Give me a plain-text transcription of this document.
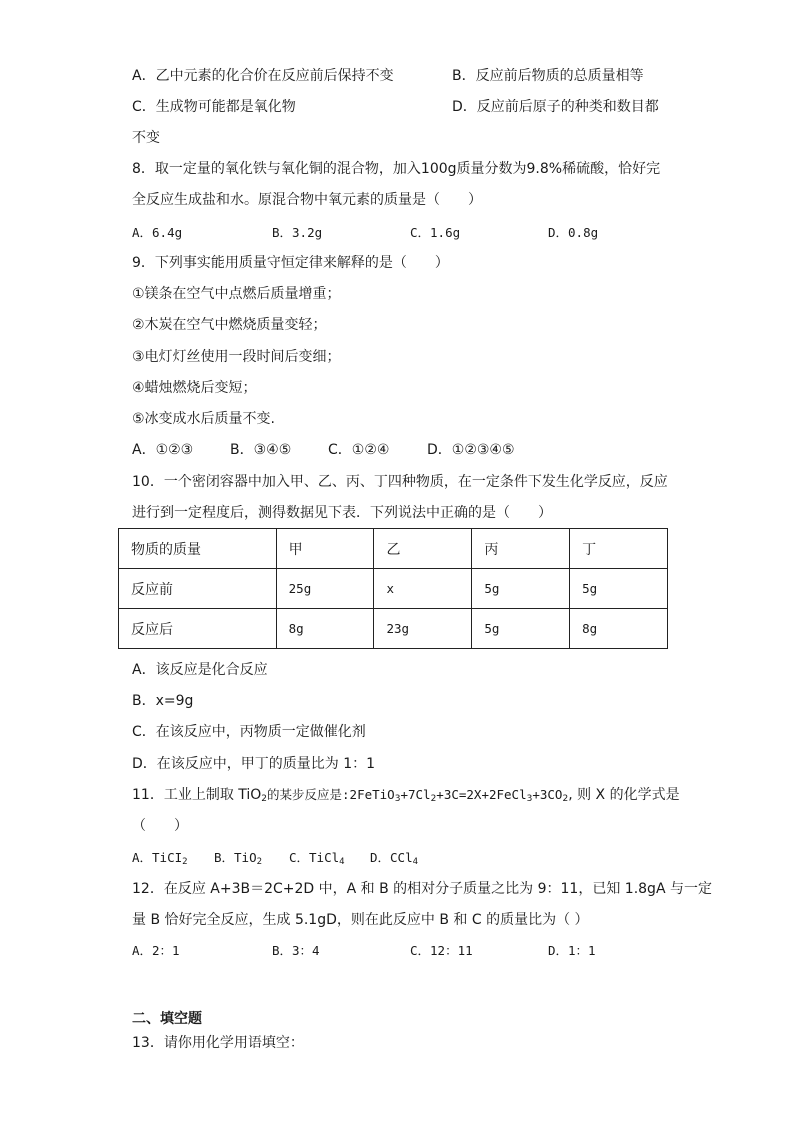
A．乙中元素的化合价在反应前后保持不变	B．反应前后物质的总质量相等
C．生成物可能都是氧化物	D．反应前后原子的种类和数目都
不变
8．取一定量的氧化铁与氧化铜的混合物，加入100g质量分数为9.8%稀硫酸，恰好完
全反应生成盐和水。原混合物中氧元素的质量是（　　）
A．6.4g	B．3.2g	C．1.6g	D．0.8g
9．下列事实能用质量守恒定律来解释的是（　　）
①镁条在空气中点燃后质量增重；
②木炭在空气中燃烧质量变轻；
③电灯灯丝使用一段时间后变细；
④蜡烛燃烧后变短；
⑤冰变成水后质量不变.
A．①②③	B．③④⑤	C．①②④	D．①②③④⑤
10．一个密闭容器中加入甲、乙、丙、丁四种物质，在一定条件下发生化学反应，反应
进行到一定程度后，测得数据见下表．下列说法中正确的是（　　）
物质的质量	甲	乙	丙	丁
反应前	25g	x	5g	5g
反应后	8g	23g	5g	8g
A．该反应是化合反应
B．x=9g
C．在该反应中，丙物质一定做催化剂
D．在该反应中，甲丁的质量比为 1：1
11．工业上制取 TiO$_2$的某步反应是$:2FeTiO_3+7Cl_2+3C=2X+2FeCl_3+3CO_2$, 则 X 的化学式是
（　　）
A．TiCI$_2$ B．TiO$_2$ C．TiCl$_4$ D．CCl$_4$
12．在反应 A+3B＝2C+2D 中，A 和 B 的相对分子质量之比为 9：11，已知 1.8gA 与一定
量 B 恰好完全反应，生成 5.1gD，则在此反应中 B 和 C 的质量比为（ ）
A．2：1	B．3：4	C．12：11	D．1：1
二、填空题
13．请你用化学用语填空：
